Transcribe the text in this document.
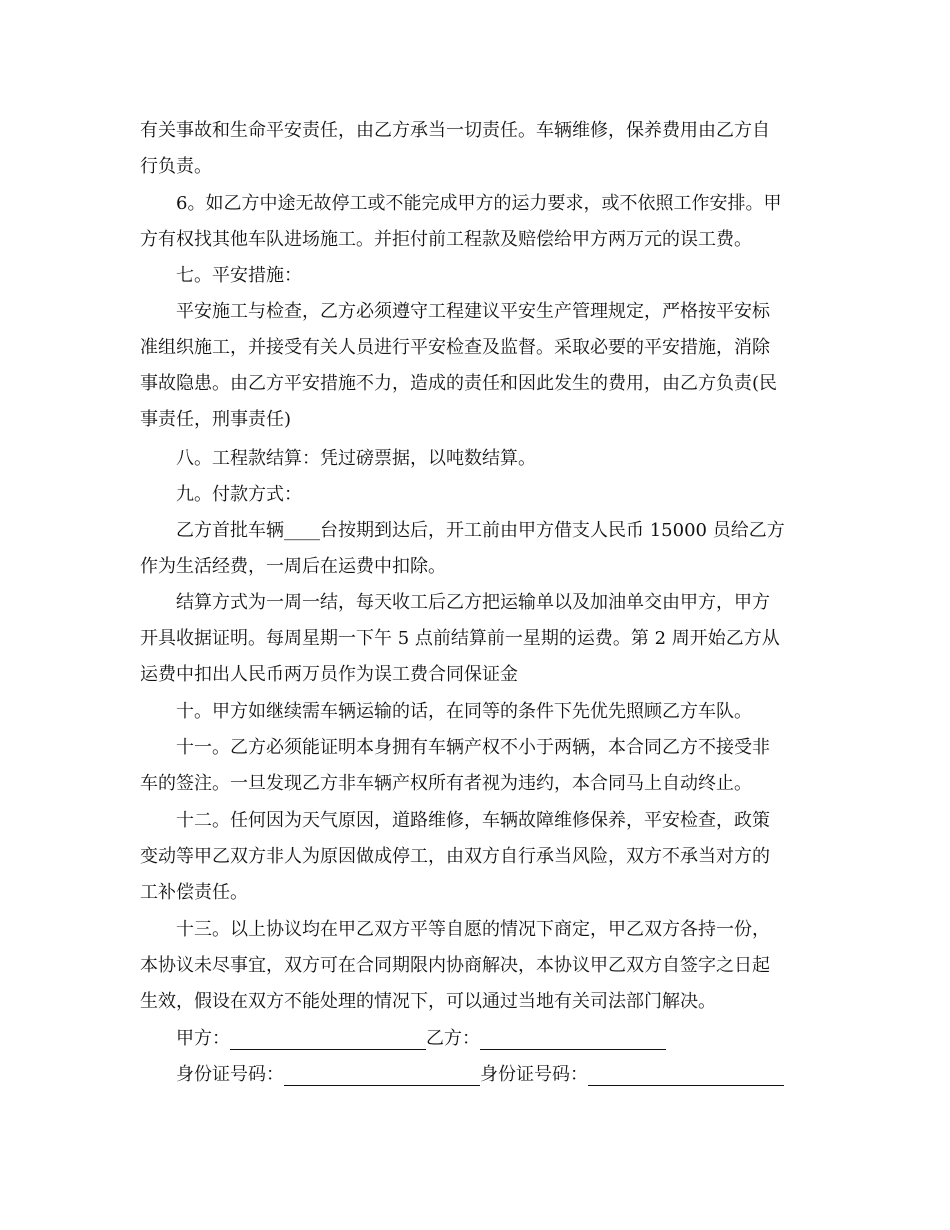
有关事故和生命平安责任，由乙方承当一切责任。车辆维修，保养费用由乙方自
行负责。
6。如乙方中途无故停工或不能完成甲方的运力要求，或不依照工作安排。甲
方有权找其他车队进场施工。并拒付前工程款及赔偿给甲方两万元的误工费。
七。平安措施：
平安施工与检查，乙方必须遵守工程建议平安生产管理规定，严格按平安标
准组织施工，并接受有关人员进行平安检查及监督。采取必要的平安措施，消除
事故隐患。由乙方平安措施不力，造成的责任和因此发生的费用，由乙方负责(民
事责任，刑事责任)
八。工程款结算：凭过磅票据，以吨数结算。
九。付款方式：
乙方首批车辆____台按期到达后，开工前由甲方借支人民币 15000 员给乙方
作为生活经费，一周后在运费中扣除。
结算方式为一周一结，每天收工后乙方把运输单以及加油单交由甲方，甲方
开具收据证明。每周星期一下午 5 点前结算前一星期的运费。第 2 周开始乙方从
运费中扣出人民币两万员作为误工费合同保证金
十。甲方如继续需车辆运输的话，在同等的条件下先优先照顾乙方车队。
十一。乙方必须能证明本身拥有车辆产权不小于两辆，本合同乙方不接受非
车的签注。一旦发现乙方非车辆产权所有者视为违约，本合同马上自动终止。
十二。任何因为天气原因，道路维修，车辆故障维修保养，平安检查，政策
变动等甲乙双方非人为原因做成停工，由双方自行承当风险，双方不承当对方的
工补偿责任。
十三。以上协议均在甲乙双方平等自愿的情况下商定，甲乙双方各持一份，
本协议未尽事宜，双方可在合同期限内协商解决，本协议甲乙双方自签字之日起
生效，假设在双方不能处理的情况下，可以通过当地有关司法部门解决。
甲方：	乙方：
身份证号码：	身份证号码：
